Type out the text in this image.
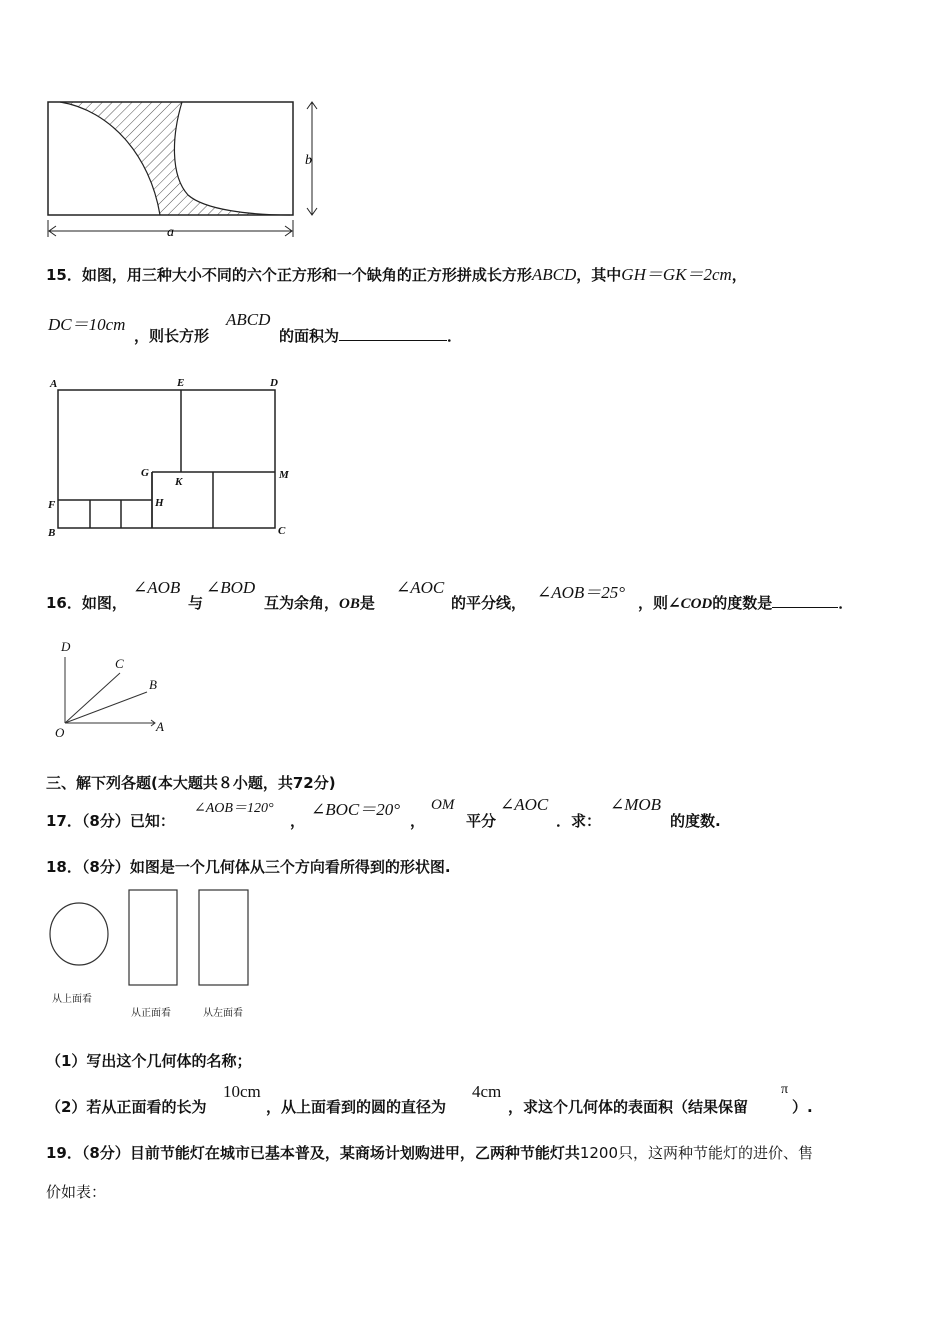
b
a
15．如图，用三种大小不同的六个正方形和一个缺角的正方形拼成长方形ABCD，其中GH＝GK＝2cm，
DC＝10cm
，则长方形
ABCD
的面积为	．
A	E	D
G
K
M
F	H
B	C
16．如图，
∠AOB
与
∠BOD
互为余角，OB是
∠AOC
的平分线，
∠AOB＝25°
，则∠COD的度数是	．
D
C
B
O	A
三、解下列各题(本大题共８小题，共72分)
17．（8分）已知：
∠AOB＝120°
，
∠BOC＝20°
，
OM
平分
∠AOC
．求：
∠MOB
的度数.
18．（8分）如图是一个几何体从三个方向看所得到的形状图.
从上面看
从正面看	从左面看
（1）写出这个几何体的名称；
（2）若从正面看的长为
10cm
，从上面看到的圆的直径为
4cm
，求这个几何体的表面积（结果保留
π
）.
19．（8分）目前节能灯在城市已基本普及，某商场计划购进甲，乙两种节能灯共1200只，这两种节能灯的进价、售
价如表：
